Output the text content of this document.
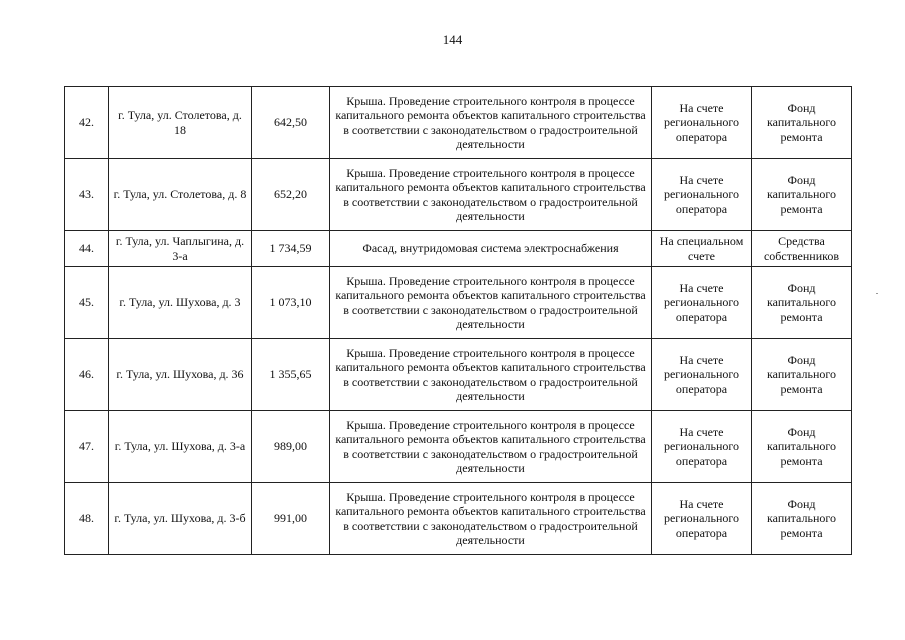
144
42.	г. Тула, ул. Столетова, д. 18	642,50	Крыша. Проведение строительного контроля в процессе капитального ремонта объектов капитального строительства в соответствии с законодательством о градостроительной деятельности	На счете регионального оператора	Фонд капитального ремонта
43.	г. Тула, ул. Столетова, д. 8	652,20	Крыша. Проведение строительного контроля в процессе капитального ремонта объектов капитального строительства в соответствии с законодательством о градостроительной деятельности	На счете регионального оператора	Фонд капитального ремонта
44.	г. Тула, ул. Чаплыгина, д. 3-а	1 734,59	Фасад, внутридомовая система электроснабжения	На специальном счете	Средства собственников
45.	г. Тула, ул. Шухова, д. 3	1 073,10	Крыша. Проведение строительного контроля в процессе капитального ремонта объектов капитального строительства в соответствии с законодательством о градостроительной деятельности	На счете регионального оператора	Фонд капитального ремонта
46.	г. Тула, ул. Шухова, д. 36	1 355,65	Крыша. Проведение строительного контроля в процессе капитального ремонта объектов капитального строительства в соответствии с законодательством о градостроительной деятельности	На счете регионального оператора	Фонд капитального ремонта
47.	г. Тула, ул. Шухова, д. 3-а	989,00	Крыша. Проведение строительного контроля в процессе капитального ремонта объектов капитального строительства в соответствии с законодательством о градостроительной деятельности	На счете регионального оператора	Фонд капитального ремонта
48.	г. Тула, ул. Шухова, д. 3-б	991,00	Крыша. Проведение строительного контроля в процессе капитального ремонта объектов капитального строительства в соответствии с законодательством о градостроительной деятельности	На счете регионального оператора	Фонд капитального ремонта
